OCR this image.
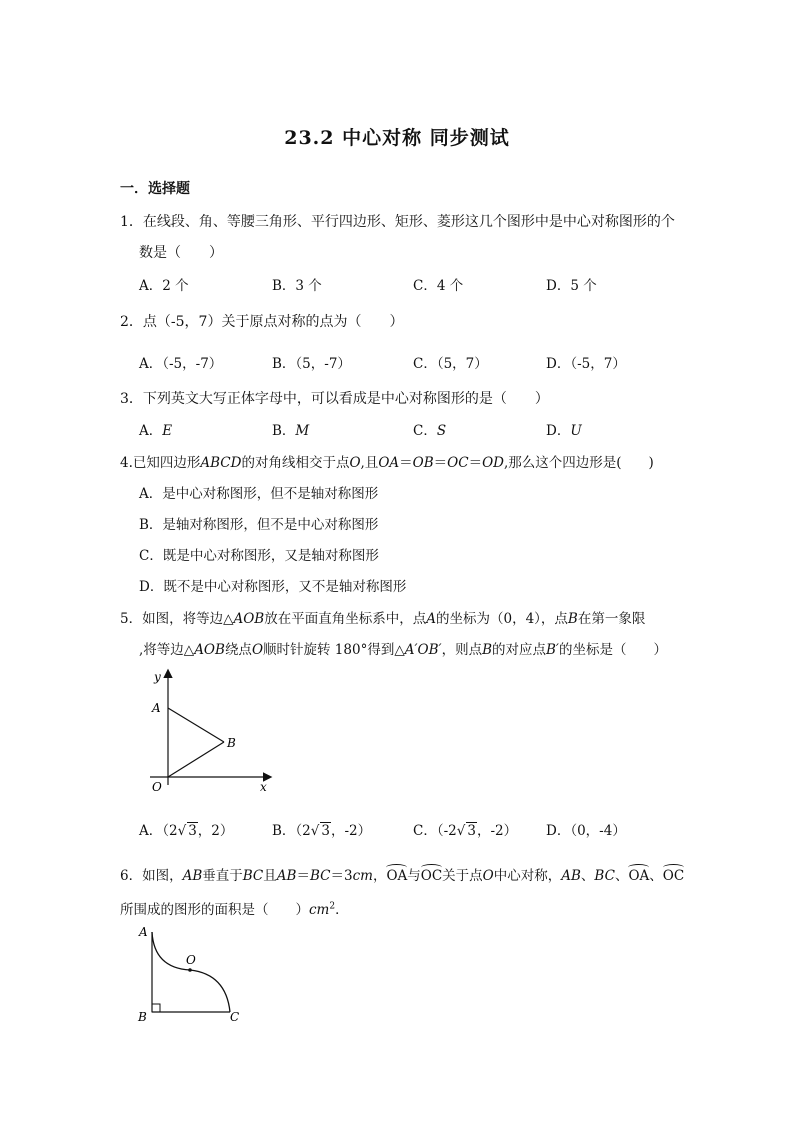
23.2 中心对称 同步测试
一．选择题
1．在线段、角、等腰三角形、平行四边形、矩形、菱形这几个图形中是中心对称图形的个
数是（　　）
A．2 个	B．3 个	C．4 个	D．5 个
2．点（-5，7）关于原点对称的点为（　　）
A．（-5，-7）	B．（5，-7）	C．（5，7）	D．（-5，7）
3．下列英文大写正体字母中，可以看成是中心对称图形的是（　　）
A．E	B．M	C．S	D．U
4.已知四边形ABCD的对角线相交于点O,且OA＝OB＝OC＝OD,那么这个四边形是(　　)
A．是中心对称图形，但不是轴对称图形
B．是轴对称图形，但不是中心对称图形
C．既是中心对称图形，又是轴对称图形
D．既不是中心对称图形，又不是轴对称图形
5．如图，将等边△AOB放在平面直角坐标系中，点A的坐标为（0，4），点B在第一象限
,将等边△AOB绕点O顺时针旋转 180°得到△A′OB′，则点B的对应点B′的坐标是（　　）
y
x
A
B
O
A．（2√ 3，2）	B．（2√ 3，-2）	C．（-2√ 3，-2） D．（0，-4）
6．如图，AB垂直于BC且AB＝BC＝3cm，OA与OC关于点O中心对称，AB、BC、OA、OC
所围成的图形的面积是（　　）$cm^2$．
A
O
B	C
